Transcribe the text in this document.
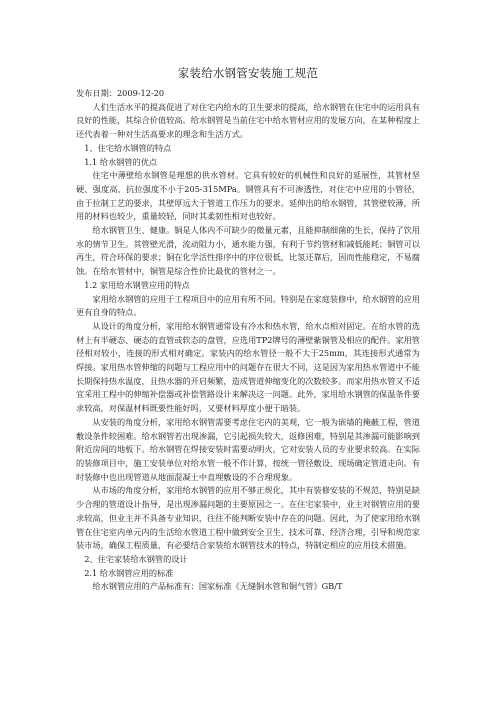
家装给水钢管安装施工规范
发布日期：2009-12-20

人们生活水平的提高促进了对住宅内给水的卫生要求的提高，给水钢管在住宅中的运用具有良好的性能，其综合价值较高。给水钢管是当前住宅中给水管材应用的发展方向，在某种程度上还代表着一种对生活高要求的理念和生活方式。

1、住宅给水钢管的特点

1.1 给水钢管的优点

住宅中薄壁给水钢管是理想的供水管材。它具有较好的机械性和良好的延展性，其管材坚硬、强度高，抗拉强度不小于205-315MPa。钢管具有不可渗透性，对住宅中应用的小管径，由于拉制工艺的要求，其壁厚远大于管道工作压力的要求。延伸出的给水钢管，其管壁较薄，所用的材料也较少，重量较轻，同时其柔韧性相对也较好。

给水钢管卫生、健康。铜是人体内不可缺少的微量元素，且能抑制细菌的生长，保持了饮用水的情节卫生。其管壁光滑，流动阻力小，通水能力强，有利于节约管材和减低能耗；铜管可以再生，符合环保的要求；铜在化学活性排序中的序位很低，比氢还靠后，因而性能稳定，不易腐蚀。在给水管材中，铜管是综合性价比最优的管材之一。

1.2 家用给水钢管应用的特点

家用给水钢管的应用于工程项目中的应用有所不同。特别是在家庭装修中，给水钢管的应用更有自身的特点。

从设计的角度分析，家用给水钢管通常设有冷水和热水管，给水点相对固定。在给水管的选材上有半硬态、硬态的直管或软态的盘管，应选用TP2牌号的薄壁紫铜管及相应的配件。家用管径相对较小，连接的形式相对确定。家装内的给水管径一般不大于25mm，其连接形式通常为焊接。家用热水管伸缩的问题与工程应用中的问题存在很大不同，这是因为家用热水管道中不能长期保持热水温度，且热水器的开启频繁，造成管道伸缩变化的次数较多。而家用热水管又不适宜采用工程中的伸缩补偿器或补偿管路设计来解决这一问题。此外，家用给水钢管的保温条件要求较高，对保温材料既要性能好吗，又要材料厚度小便于暗装。

从安装的角度分析，家用给水钢管需要考虑住宅内的美观，它一般为嵌墙的掩蔽工程，管道敷设条件较困难。给水钢管若出现渗漏，它引起损失较大，返修困难，特别是其渗漏可能影响到附近房间的地板下。给水钢管在焊接安装时需要动明火，它对安装人员的专业要求较高。在实际的装修项目中，施工安装单位对给水管一般不作计算，按统一管径敷设、现场确定管道走向。有时装修中也出现管道从地面混凝土中直埋敷设的不合理现象。

从市场的角度分析，家用给水钢管的应用不够正规化，其中有装修安装的不规范，特别是缺少合理的管道设计指导，是出现渗漏问题的主要原因之一。在住宅家装中，业主对钢管应用的要求较高，但业主并不具备专业知识，往往不能判断安装中存在的问题。因此，为了使家用给水钢管在住宅室内单元内的生活给水管道工程中做到安全卫生、技术可靠、经济合理，引导和规范家装市场，确保工程质量，有必要结合家装给水钢管技术的特点，特制定相应的应用技术措施。

2、住宅家装给水钢管的设计

2.1 给水钢管应用的标准

给水钢管应用的产品标准有：国家标准《无缝铜水管和铜气管》GB/T
